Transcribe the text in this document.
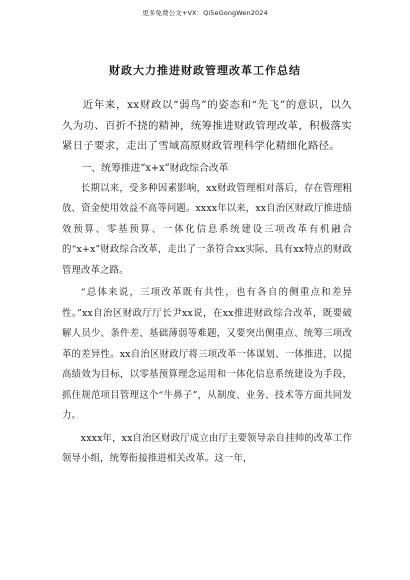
更多免费公文+VX：Qi5eGongWen2024
财政大力推进财政管理改革工作总结

近年来，xx财政以“弱鸟”的姿态和“先飞”的意识，以久久为功、百折不挠的精神，统筹推进财政管理改革，积极落实紧日子要求，走出了雪域高原财政管理科学化精细化路径。

一、统筹推进“x+x”财政综合改革

长期以来，受多种因素影响，xx财政管理相对落后，存在管理粗放、资金使用效益不高等问题。xxxx年以来，xx自治区财政厅推进绩效预算、零基预算、一体化信息系统建设三项改革有机融合的“x+x”财政综合改革，走出了一条符合xx实际、具有xx特点的财政管理改革之路。

“总体来说，三项改革既有共性，也有各自的侧重点和差异性。”xx自治区财政厅厅长尹xx说，在xx推进财政综合改革，既要破解人员少、条件差、基础薄弱等难题，又要突出侧重点、统筹三项改革的差异性。xx自治区财政厅将三项改革一体谋划、一体推进，以提高绩效为目标，以零基预算理念运用和一体化信息系统建设为手段，抓住规范项目管理这个“牛鼻子”，从制度、业务、技术等方面共同发力。

xxxx年，xx自治区财政厅成立由厅主要领导亲自挂帅的改革工作领导小组，统筹衔接推进相关改革。这一年，
